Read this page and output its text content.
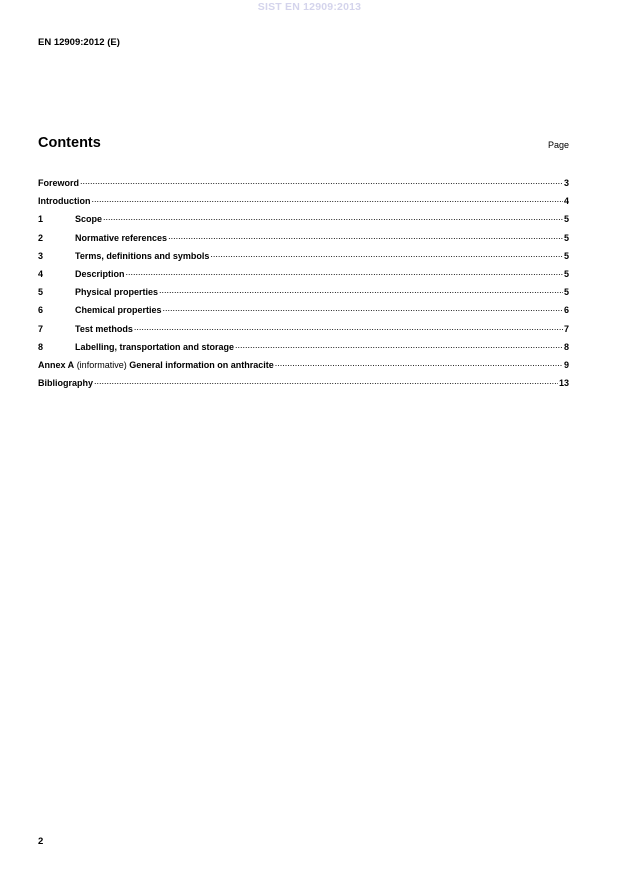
SIST EN 12909:2013
EN 12909:2012 (E)
Contents	Page
Foreword .....	3
Introduction .....	4
1	Scope .....	5
2	Normative references .....	5
3	Terms, definitions and symbols .....	5
4	Description .....	5
5	Physical properties .....	5
6	Chemical properties .....	6
7	Test methods .....	7
8	Labelling, transportation and storage .....	8
Annex A (informative) General information on anthracite .....	9
Bibliography .....	13
2
